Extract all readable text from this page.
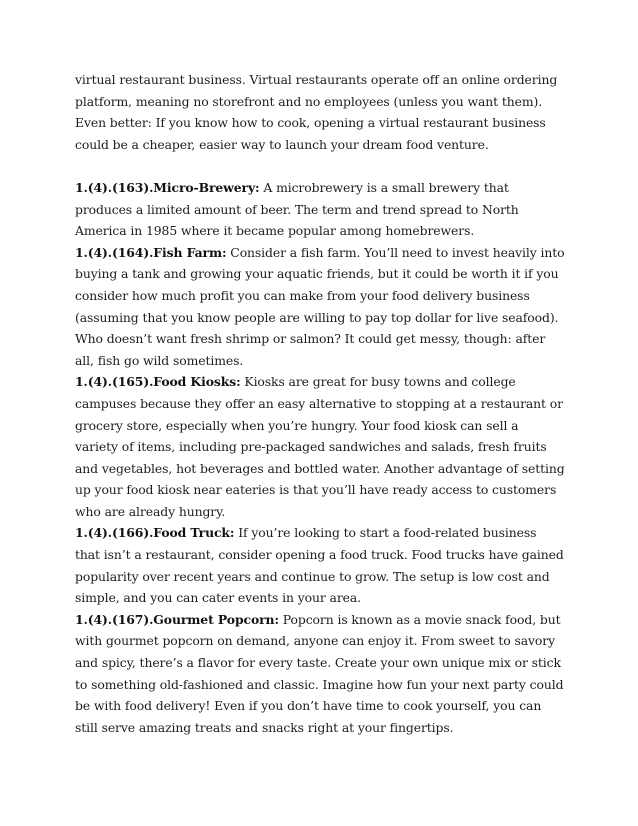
virtual restaurant business. Virtual restaurants operate off an online ordering platform, meaning no storefront and no employees (unless you want them). Even better: If you know how to cook, opening a virtual restaurant business could be a cheaper, easier way to launch your dream food venture.

1.(4).(163).Micro-Brewery: A microbrewery is a small brewery that produces a limited amount of beer. The term and trend spread to North America in 1985 where it became popular among homebrewers.

1.(4).(164).Fish Farm: Consider a fish farm. You’ll need to invest heavily into buying a tank and growing your aquatic friends, but it could be worth it if you consider how much profit you can make from your food delivery business (assuming that you know people are willing to pay top dollar for live seafood). Who doesn’t want fresh shrimp or salmon? It could get messy, though: after all, fish go wild sometimes.

1.(4).(165).Food Kiosks: Kiosks are great for busy towns and college campuses because they offer an easy alternative to stopping at a restaurant or grocery store, especially when you’re hungry. Your food kiosk can sell a variety of items, including pre-packaged sandwiches and salads, fresh fruits and vegetables, hot beverages and bottled water. Another advantage of setting up your food kiosk near eateries is that you’ll have ready access to customers who are already hungry.

1.(4).(166).Food Truck: If you’re looking to start a food-related business that isn’t a restaurant, consider opening a food truck. Food trucks have gained popularity over recent years and continue to grow. The setup is low cost and simple, and you can cater events in your area.

1.(4).(167).Gourmet Popcorn: Popcorn is known as a movie snack food, but with gourmet popcorn on demand, anyone can enjoy it. From sweet to savory and spicy, there’s a flavor for every taste. Create your own unique mix or stick to something old-fashioned and classic. Imagine how fun your next party could be with food delivery! Even if you don’t have time to cook yourself, you can still serve amazing treats and snacks right at your fingertips.
